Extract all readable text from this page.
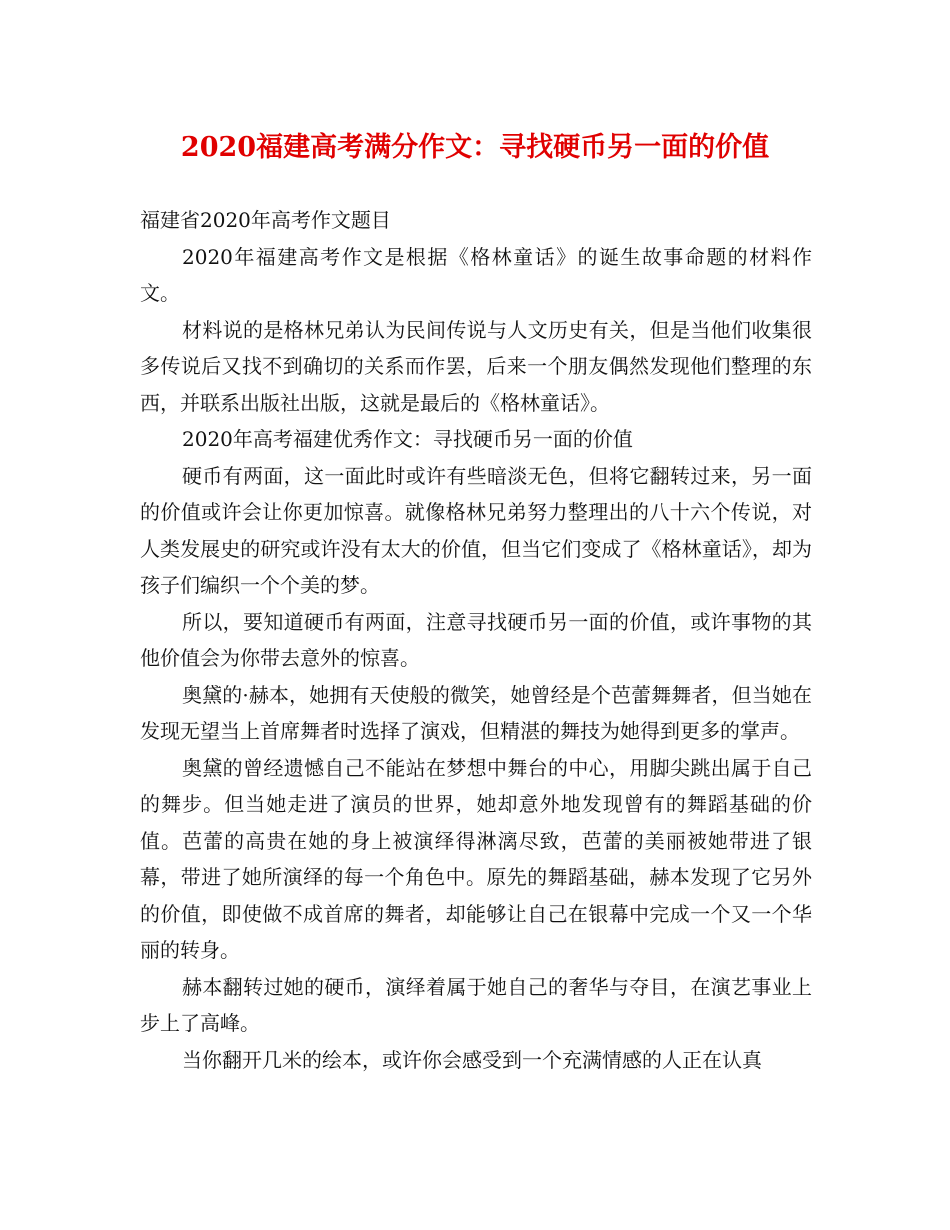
2020福建高考满分作文：寻找硬币另一面的价值

福建省2020年高考作文题目

2020年福建高考作文是根据《格林童话》的诞生故事命题的材料作文。

材料说的是格林兄弟认为民间传说与人文历史有关，但是当他们收集很多传说后又找不到确切的关系而作罢，后来一个朋友偶然发现他们整理的东西，并联系出版社出版，这就是最后的《格林童话》。

2020年高考福建优秀作文：寻找硬币另一面的价值

硬币有两面，这一面此时或许有些暗淡无色，但将它翻转过来，另一面的价值或许会让你更加惊喜。就像格林兄弟努力整理出的八十六个传说，对人类发展史的研究或许没有太大的价值，但当它们变成了《格林童话》，却为孩子们编织一个个美的梦。

所以，要知道硬币有两面，注意寻找硬币另一面的价值，或许事物的其他价值会为你带去意外的惊喜。

奥黛的·赫本，她拥有天使般的微笑，她曾经是个芭蕾舞舞者，但当她在发现无望当上首席舞者时选择了演戏，但精湛的舞技为她得到更多的掌声。

奥黛的曾经遗憾自己不能站在梦想中舞台的中心，用脚尖跳出属于自己的舞步。但当她走进了演员的世界，她却意外地发现曾有的舞蹈基础的价值。芭蕾的高贵在她的身上被演绎得淋漓尽致，芭蕾的美丽被她带进了银幕，带进了她所演绎的每一个角色中。原先的舞蹈基础，赫本发现了它另外的价值，即使做不成首席的舞者，却能够让自己在银幕中完成一个又一个华丽的转身。

赫本翻转过她的硬币，演绎着属于她自己的奢华与夺目，在演艺事业上步上了高峰。

当你翻开几米的绘本，或许你会感受到一个充满情感的人正在认真
